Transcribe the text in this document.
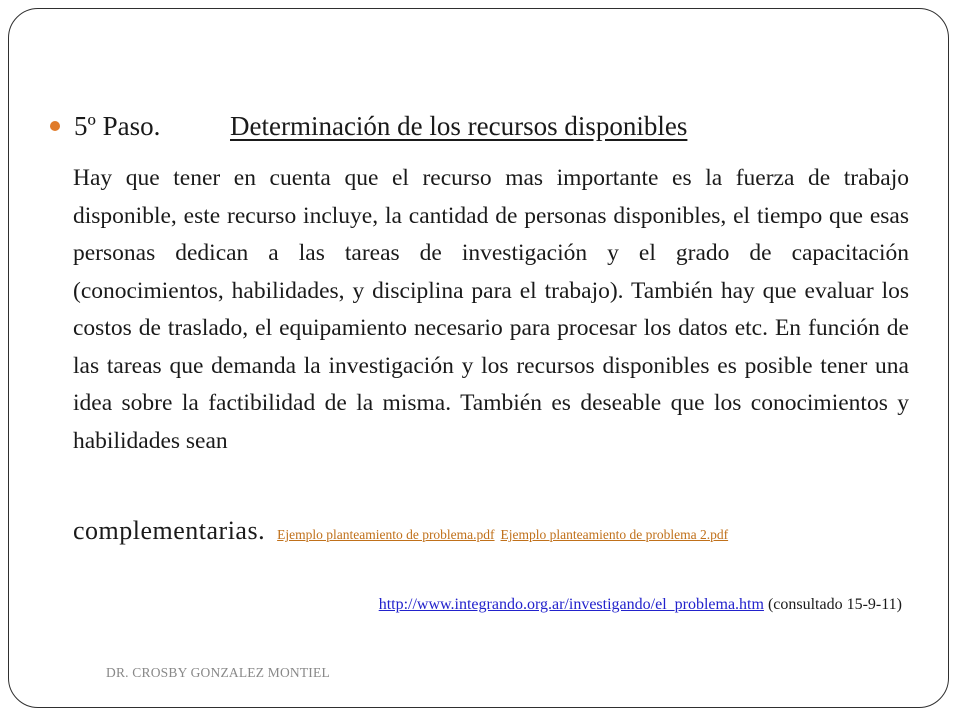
5º Paso.	Determinación de los recursos disponibles

Hay que tener en cuenta que el recurso mas importante es la fuerza de trabajo disponible, este recurso incluye, la cantidad de personas disponibles, el tiempo que esas personas dedican a las tareas de investigación y el grado de capacitación (conocimientos, habilidades, y disciplina para el trabajo). También hay que evaluar los costos de traslado, el equipamiento necesario para procesar los datos etc. En función de las tareas que demanda la investigación y los recursos disponibles es posible tener una idea sobre la factibilidad de la misma. También es deseable que los conocimientos y habilidades sean

complementarias. Ejemplo planteamiento de problema.pdf Ejemplo planteamiento de problema 2.pdf
http://www.integrando.org.ar/investigando/el_problema.htm (consultado 15-9-11)
DR. CROSBY GONZALEZ MONTIEL
